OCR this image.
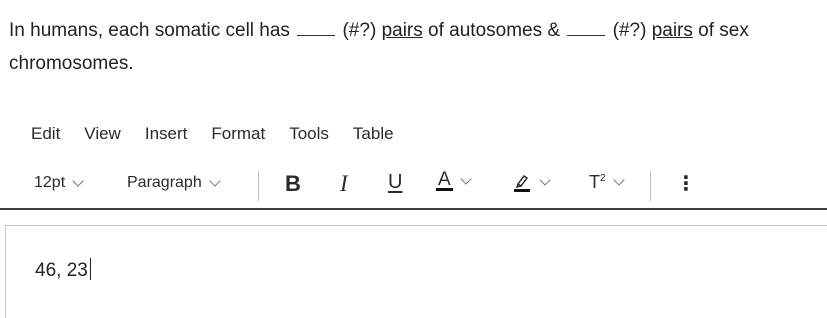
In humans, each somatic cell has	(#?) pairs of autosomes &	(#?) pairs of sex chromosomes.
Edit View Insert Format Tools Table
12pt	Paragraph	B I U A	$T^2$	⋮
46, 23
